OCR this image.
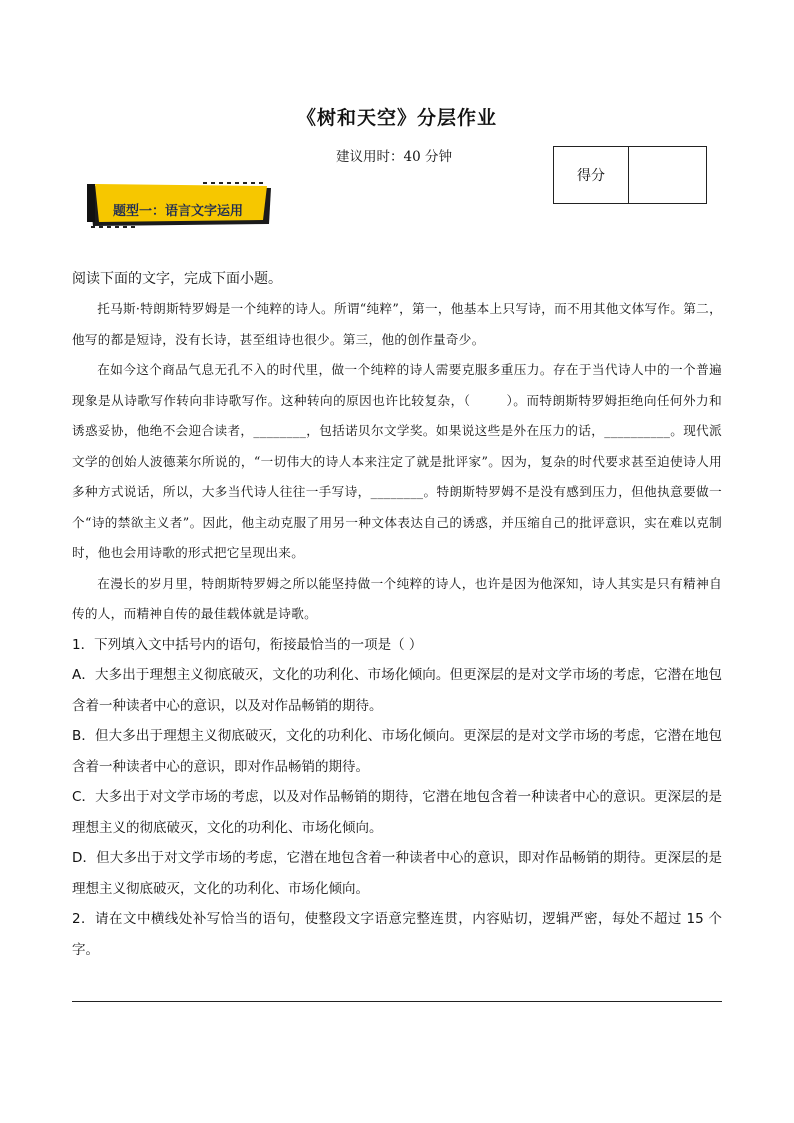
《树和天空》分层作业
建议用时：40 分钟
得分
题型一：语言文字运用

阅读下面的文字，完成下面小题。

托马斯·特朗斯特罗姆是一个纯粹的诗人。所谓“纯粹”，第一，他基本上只写诗，而不用其他文体写作。第二，他写的都是短诗，没有长诗，甚至组诗也很少。第三，他的创作量奇少。

在如今这个商品气息无孔不入的时代里，做一个纯粹的诗人需要克服多重压力。存在于当代诗人中的一个普遍现象是从诗歌写作转向非诗歌写作。这种转向的原因也许比较复杂，（	）。而特朗斯特罗姆拒绝向任何外力和诱惑妥协，他绝不会迎合读者，________，包括诺贝尔文学奖。如果说这些是外在压力的话，__________。现代派文学的创始人波德莱尔所说的，“一切伟大的诗人本来注定了就是批评家”。因为，复杂的时代要求甚至迫使诗人用多种方式说话，所以，大多当代诗人往往一手写诗，________。特朗斯特罗姆不是没有感到压力，但他执意要做一个“诗的禁欲主义者”。因此，他主动克服了用另一种文体表达自己的诱惑，并压缩自己的批评意识，实在难以克制时，他也会用诗歌的形式把它呈现出来。

在漫长的岁月里，特朗斯特罗姆之所以能坚持做一个纯粹的诗人，也许是因为他深知，诗人其实是只有精神自传的人，而精神自传的最佳载体就是诗歌。

1．下列填入文中括号内的语句，衔接最恰当的一项是（ ）

A．大多出于理想主义彻底破灭，文化的功利化、市场化倾向。但更深层的是对文学市场的考虑，它潜在地包含着一种读者中心的意识，以及对作品畅销的期待。

B．但大多出于理想主义彻底破灭，文化的功利化、市场化倾向。更深层的是对文学市场的考虑，它潜在地包含着一种读者中心的意识，即对作品畅销的期待。

C．大多出于对文学市场的考虑，以及对作品畅销的期待，它潜在地包含着一种读者中心的意识。更深层的是理想主义的彻底破灭，文化的功利化、市场化倾向。

D．但大多出于对文学市场的考虑，它潜在地包含着一种读者中心的意识，即对作品畅销的期待。更深层的是理想主义彻底破灭，文化的功利化、市场化倾向。

2．请在文中横线处补写恰当的语句，使整段文字语意完整连贯，内容贴切，逻辑严密，每处不超过 15 个字。
